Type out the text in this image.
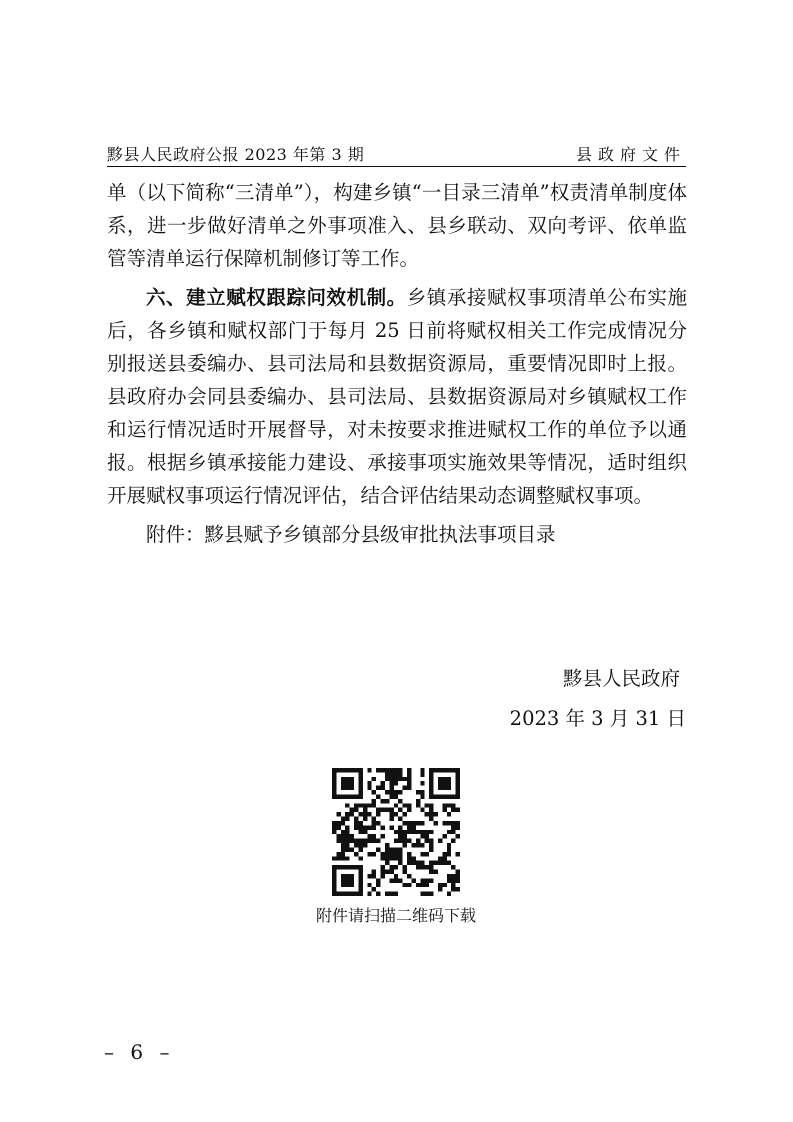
黟县人民政府公报 2023 年第 3 期	县政府文件

单（以下简称“三清单”），构建乡镇“一目录三清单”权责清单制度体系，进一步做好清单之外事项准入、县乡联动、双向考评、依单监管等清单运行保障机制修订等工作。

六、建立赋权跟踪问效机制。乡镇承接赋权事项清单公布实施后，各乡镇和赋权部门于每月 25 日前将赋权相关工作完成情况分别报送县委编办、县司法局和县数据资源局，重要情况即时上报。县政府办会同县委编办、县司法局、县数据资源局对乡镇赋权工作和运行情况适时开展督导，对未按要求推进赋权工作的单位予以通报。根据乡镇承接能力建设、承接事项实施效果等情况，适时组织开展赋权事项运行情况评估，结合评估结果动态调整赋权事项。

附件：黟县赋予乡镇部分县级审批执法事项目录

黟县人民政府
2023 年 3 月 31 日
附件请扫描二维码下载
– 6 –
